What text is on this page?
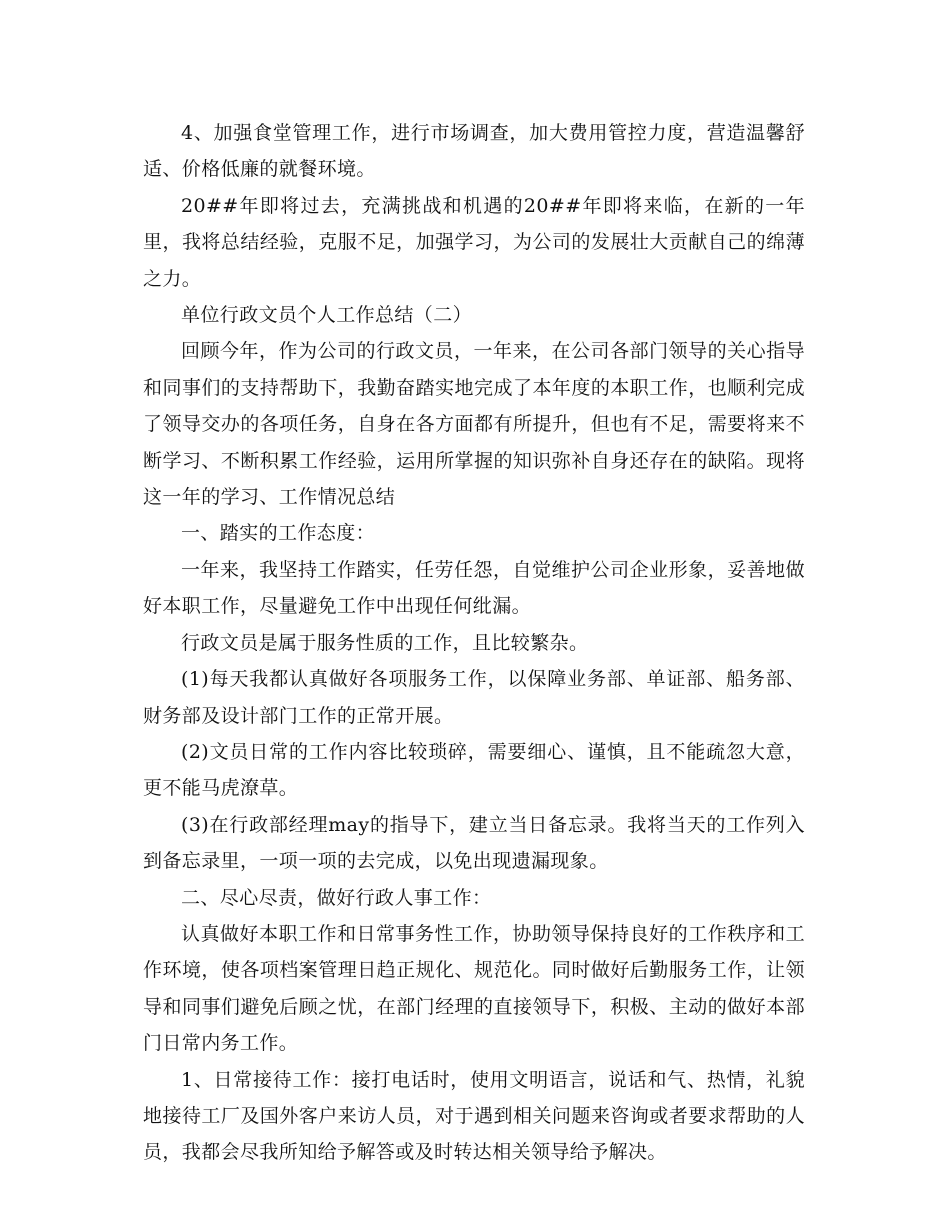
4、加强食堂管理工作，进行市场调查，加大费用管控力度，营造温馨舒适、价格低廉的就餐环境。

20##年即将过去，充满挑战和机遇的20##年即将来临，在新的一年里，我将总结经验，克服不足，加强学习，为公司的发展壮大贡献自己的绵薄之力。

单位行政文员个人工作总结（二）

回顾今年，作为公司的行政文员，一年来，在公司各部门领导的关心指导和同事们的支持帮助下，我勤奋踏实地完成了本年度的本职工作，也顺利完成了领导交办的各项任务，自身在各方面都有所提升，但也有不足，需要将来不断学习、不断积累工作经验，运用所掌握的知识弥补自身还存在的缺陷。现将这一年的学习、工作情况总结

一、踏实的工作态度：

一年来，我坚持工作踏实，任劳任怨，自觉维护公司企业形象，妥善地做好本职工作，尽量避免工作中出现任何纰漏。

行政文员是属于服务性质的工作，且比较繁杂。

(1)每天我都认真做好各项服务工作，以保障业务部、单证部、船务部、财务部及设计部门工作的正常开展。

(2)文员日常的工作内容比较琐碎，需要细心、谨慎，且不能疏忽大意，更不能马虎潦草。

(3)在行政部经理may的指导下，建立当日备忘录。我将当天的工作列入到备忘录里，一项一项的去完成，以免出现遗漏现象。

二、尽心尽责，做好行政人事工作：

认真做好本职工作和日常事务性工作，协助领导保持良好的工作秩序和工作环境，使各项档案管理日趋正规化、规范化。同时做好后勤服务工作，让领导和同事们避免后顾之忧，在部门经理的直接领导下，积极、主动的做好本部门日常内务工作。

1、日常接待工作：接打电话时，使用文明语言，说话和气、热情，礼貌地接待工厂及国外客户来访人员，对于遇到相关问题来咨询或者要求帮助的人员，我都会尽我所知给予解答或及时转达相关领导给予解决。
